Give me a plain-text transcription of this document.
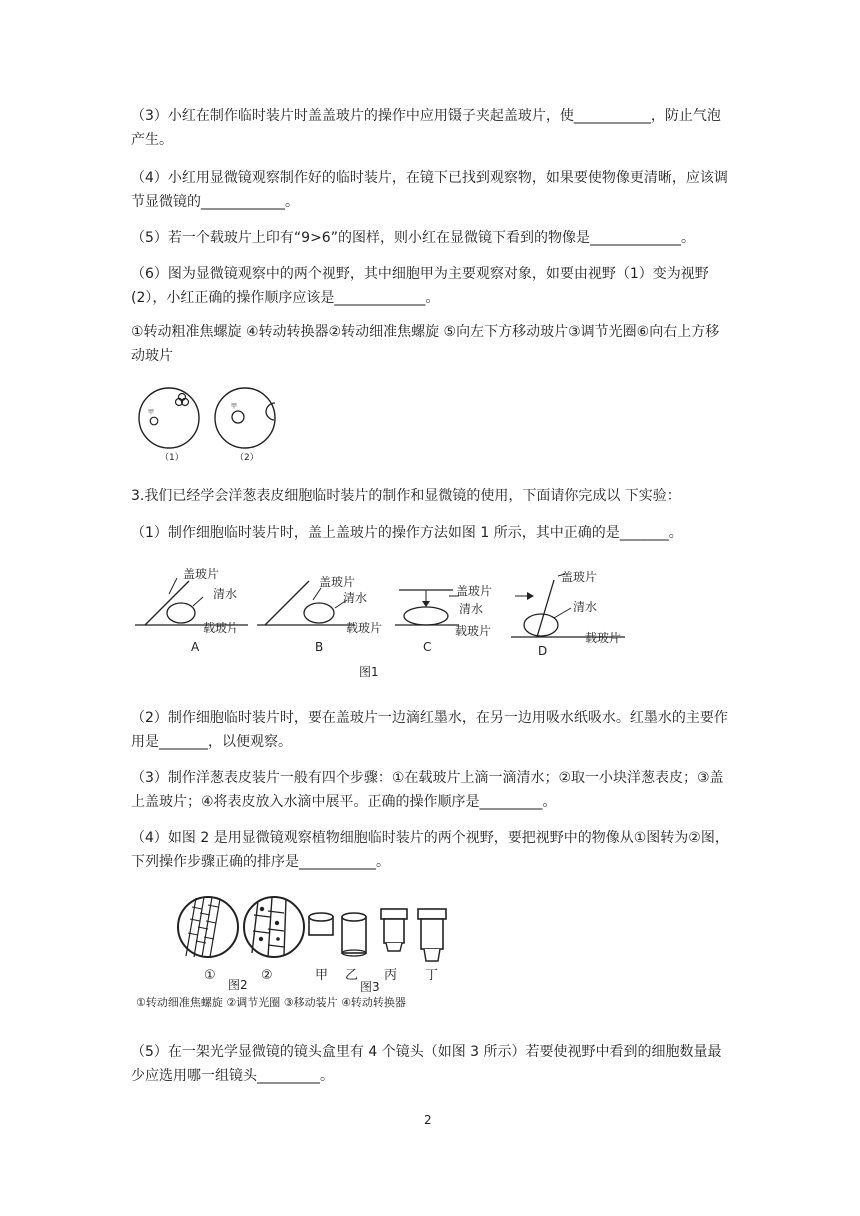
（3）小红在制作临时装片时盖盖玻片的操作中应用镊子夹起盖玻片，使___________，防止气泡产生。

（4）小红用显微镜观察制作好的临时装片，在镜下已找到观察物，如果要使物像更清晰，应该调节显微镜的____________。

（5）若一个载玻片上印有“9>6”的图样，则小红在显微镜下看到的物像是_____________。

（6）图为显微镜观察中的两个视野，其中细胞甲为主要观察对象，如要由视野（1）变为视野(2），小红正确的操作顺序应该是_____________。

①转动粗准焦螺旋 ④转动转换器②转动细准焦螺旋 ⑤向左下方移动玻片③调节光圈⑥向右上方移动玻片

甲
甲
（1）	（2）

3.我们已经学会洋葱表皮细胞临时装片的制作和显微镜的使用，下面请你完成以 下实验：

（1）制作细胞临时装片时，盖上盖玻片的操作方法如图 1 所示，其中正确的是_______。

盖玻片
清水
载玻片
A
盖玻片
清水
载玻片
B
盖玻片
清水
载玻片
C
盖玻片
清水
载玻片
D
图1

（2）制作细胞临时装片时，要在盖玻片一边滴红墨水，在另一边用吸水纸吸水。红墨水的主要作用是_______，以便观察。

（3）制作洋葱表皮装片一般有四个步骤：①在载玻片上滴一滴清水；②取一小块洋葱表皮；③盖上盖玻片；④将表皮放入水滴中展平。正确的操作顺序是_________。

（4）如图 2 是用显微镜观察植物细胞临时装片的两个视野，要把视野中的物像从①图转为②图，下列操作步骤正确的排序是___________。

①	②
图2
甲 乙 丙 丁
图3
①转动细准焦螺旋 ②调节光圈 ③移动装片 ④转动转换器

（5）在一架光学显微镜的镜头盒里有 4 个镜头（如图 3 所示）若要使视野中看到的细胞数量最少应选用哪一组镜头_________。

2
